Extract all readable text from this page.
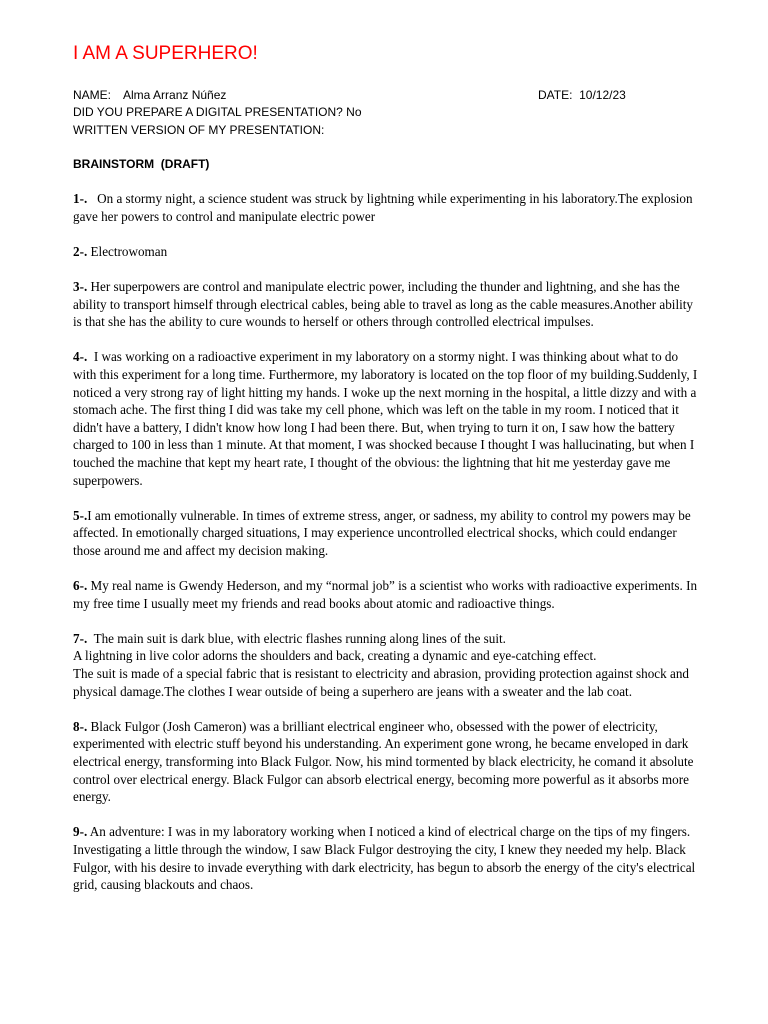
I AM A SUPERHERO!
NAME: Alma Arranz Núñez	DATE: 10/12/23
DID YOU PREPARE A DIGITAL PRESENTATION? No
WRITTEN VERSION OF MY PRESENTATION:
BRAINSTORM  (DRAFT)

1-. On a stormy night, a science student was struck by lightning while experimenting in his laboratory.The explosion gave her powers to control and manipulate electric power

2-. Electrowoman

3-. Her superpowers are control and manipulate electric power, including the thunder and lightning, and she has the ability to transport himself through electrical cables, being able to travel as long as the cable measures.Another ability is that she has the ability to cure wounds to herself or others through controlled electrical impulses.

4-. I was working on a radioactive experiment in my laboratory on a stormy night. I was thinking about what to do with this experiment for a long time. Furthermore, my laboratory is located on the top floor of my building.Suddenly, I noticed a very strong ray of light hitting my hands. I woke up the next morning in the hospital, a little dizzy and with a stomach ache. The first thing I did was take my cell phone, which was left on the table in my room. I noticed that it didn't have a battery, I didn't know how long I had been there. But, when trying to turn it on, I saw how the battery charged to 100 in less than 1 minute. At that moment, I was shocked because I thought I was hallucinating, but when I touched the machine that kept my heart rate, I thought of the obvious: the lightning that hit me yesterday gave me superpowers.

5-.I am emotionally vulnerable. In times of extreme stress, anger, or sadness, my ability to control my powers may be affected. In emotionally charged situations, I may experience uncontrolled electrical shocks, which could endanger those around me and affect my decision making.

6-. My real name is Gwendy Hederson, and my “normal job” is a scientist who works with radioactive experiments. In my free time I usually meet my friends and read books about atomic and radioactive things.

7-. The main suit is dark blue, with electric flashes running along lines of the suit.

A lightning in live color adorns the shoulders and back, creating a dynamic and eye-catching effect.

The suit is made of a special fabric that is resistant to electricity and abrasion, providing protection against shock and physical damage.The clothes I wear outside of being a superhero are jeans with a sweater and the lab coat.

8-. Black Fulgor (Josh Cameron) was a brilliant electrical engineer who, obsessed with the power of electricity, experimented with electric stuff beyond his understanding. An experiment gone wrong, he became enveloped in dark electrical energy, transforming into Black Fulgor. Now, his mind tormented by black electricity, he comand it absolute control over electrical energy. Black Fulgor can absorb electrical energy, becoming more powerful as it absorbs more energy.

9-. An adventure: I was in my laboratory working when I noticed a kind of electrical charge on the tips of my fingers. Investigating a little through the window, I saw Black Fulgor destroying the city, I knew they needed my help. Black Fulgor, with his desire to invade everything with dark electricity, has begun to absorb the energy of the city's electrical grid, causing blackouts and chaos.
